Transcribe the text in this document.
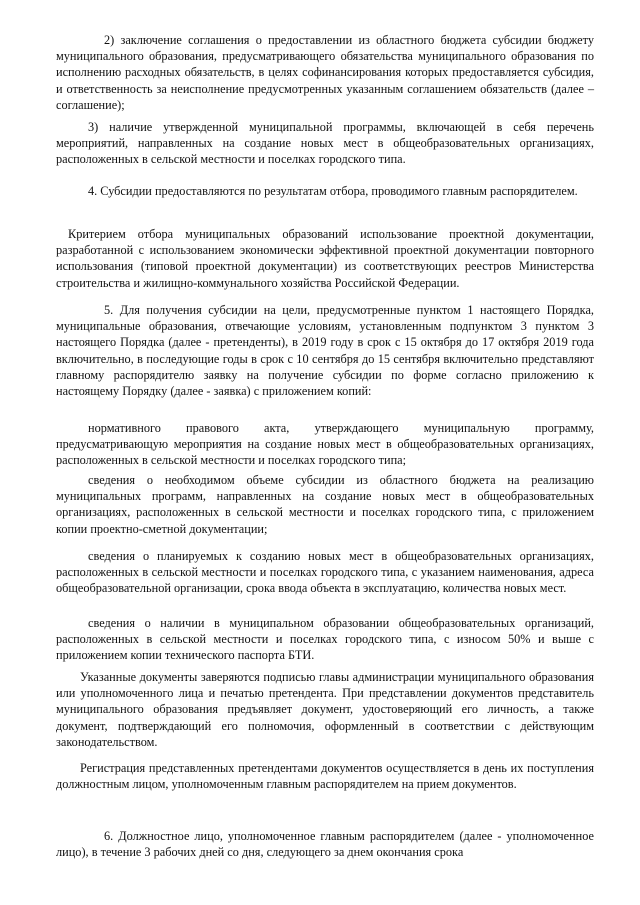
2) заключение соглашения о предоставлении из областного бюджета субсидии бюджету муниципального образования, предусматривающего обязательства муниципального образования по исполнению расходных обязательств, в целях софинансирования которых предоставляется субсидия, и ответственность за неисполнение предусмотренных указанным соглашением обязательств (далее – соглашение);

3) наличие утвержденной муниципальной программы, включающей в себя перечень мероприятий, направленных на создание новых мест в общеобразовательных организациях, расположенных в сельской местности и поселках городского типа.

4. Субсидии предоставляются по результатам отбора, проводимого главным распорядителем.

Критерием отбора муниципальных образований использование проектной документации, разработанной с использованием экономически эффективной проектной документации повторного использования (типовой проектной документации) из соответствующих реестров Министерства строительства и жилищно-коммунального хозяйства Российской Федерации.

5. Для получения субсидии на цели, предусмотренные пунктом 1 настоящего Порядка, муниципальные образования, отвечающие условиям, установленным подпунктом 3 пунктом 3 настоящего Порядка (далее - претенденты), в 2019 году в срок с 15 октября до 17 октября 2019 года включительно, в последующие годы в срок с 10 сентября до 15 сентября включительно представляют главному распорядителю заявку на получение субсидии по форме согласно приложению к настоящему Порядку (далее - заявка) с приложением копий:

нормативного правового акта, утверждающего муниципальную программу, предусматривающую мероприятия на создание новых мест в общеобразовательных организациях, расположенных в сельской местности и поселках городского типа;

сведения о необходимом объеме субсидии из областного бюджета на реализацию муниципальных программ, направленных на создание новых мест в общеобразовательных организациях, расположенных в сельской местности и поселках городского типа, с приложением копии проектно-сметной документации;

сведения о планируемых к созданию новых мест в общеобразовательных организациях, расположенных в сельской местности и поселках городского типа, с указанием наименования, адреса общеобразовательной организации, срока ввода объекта в эксплуатацию, количества новых мест.

сведения о наличии в муниципальном образовании общеобразовательных организаций, расположенных в сельской местности и поселках городского типа, с износом 50% и выше с приложением копии технического паспорта БТИ.

Указанные документы заверяются подписью главы администрации муниципального образования или уполномоченного лица и печатью претендента. При представлении документов представитель муниципального образования предъявляет документ, удостоверяющий его личность, а также документ, подтверждающий его полномочия, оформленный в соответствии с действующим законодательством.

Регистрация представленных претендентами документов осуществляется в день их поступления должностным лицом, уполномоченным главным распорядителем на прием документов.

6. Должностное лицо, уполномоченное главным распорядителем (далее - уполномоченное лицо), в течение 3 рабочих дней со дня, следующего за днем окончания срока
